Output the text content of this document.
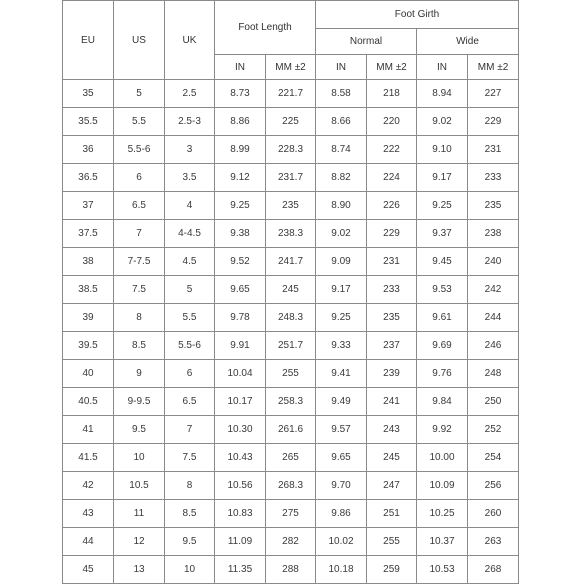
EU	US	UK	Foot Length		Foot Girth			
					Normal		Wide	
			IN	MM ±2	IN	MM ±2	IN	MM ±2
35	5	2.5	8.73	221.7	8.58	218	8.94	227
35.5	5.5	2.5-3	8.86	225	8.66	220	9.02	229
36	5.5-6	3	8.99	228.3	8.74	222	9.10	231
36.5	6	3.5	9.12	231.7	8.82	224	9.17	233
37	6.5	4	9.25	235	8.90	226	9.25	235
37.5	7	4-4.5	9.38	238.3	9.02	229	9.37	238
38	7-7.5	4.5	9.52	241.7	9.09	231	9.45	240
38.5	7.5	5	9.65	245	9.17	233	9.53	242
39	8	5.5	9.78	248.3	9.25	235	9.61	244
39.5	8.5	5.5-6	9.91	251.7	9.33	237	9.69	246
40	9	6	10.04	255	9.41	239	9.76	248
40.5	9-9.5	6.5	10.17	258.3	9.49	241	9.84	250
41	9.5	7	10.30	261.6	9.57	243	9.92	252
41.5	10	7.5	10.43	265	9.65	245	10.00	254
42	10.5	8	10.56	268.3	9.70	247	10.09	256
43	11	8.5	10.83	275	9.86	251	10.25	260
44	12	9.5	11.09	282	10.02	255	10.37	263
45	13	10	11.35	288	10.18	259	10.53	268
